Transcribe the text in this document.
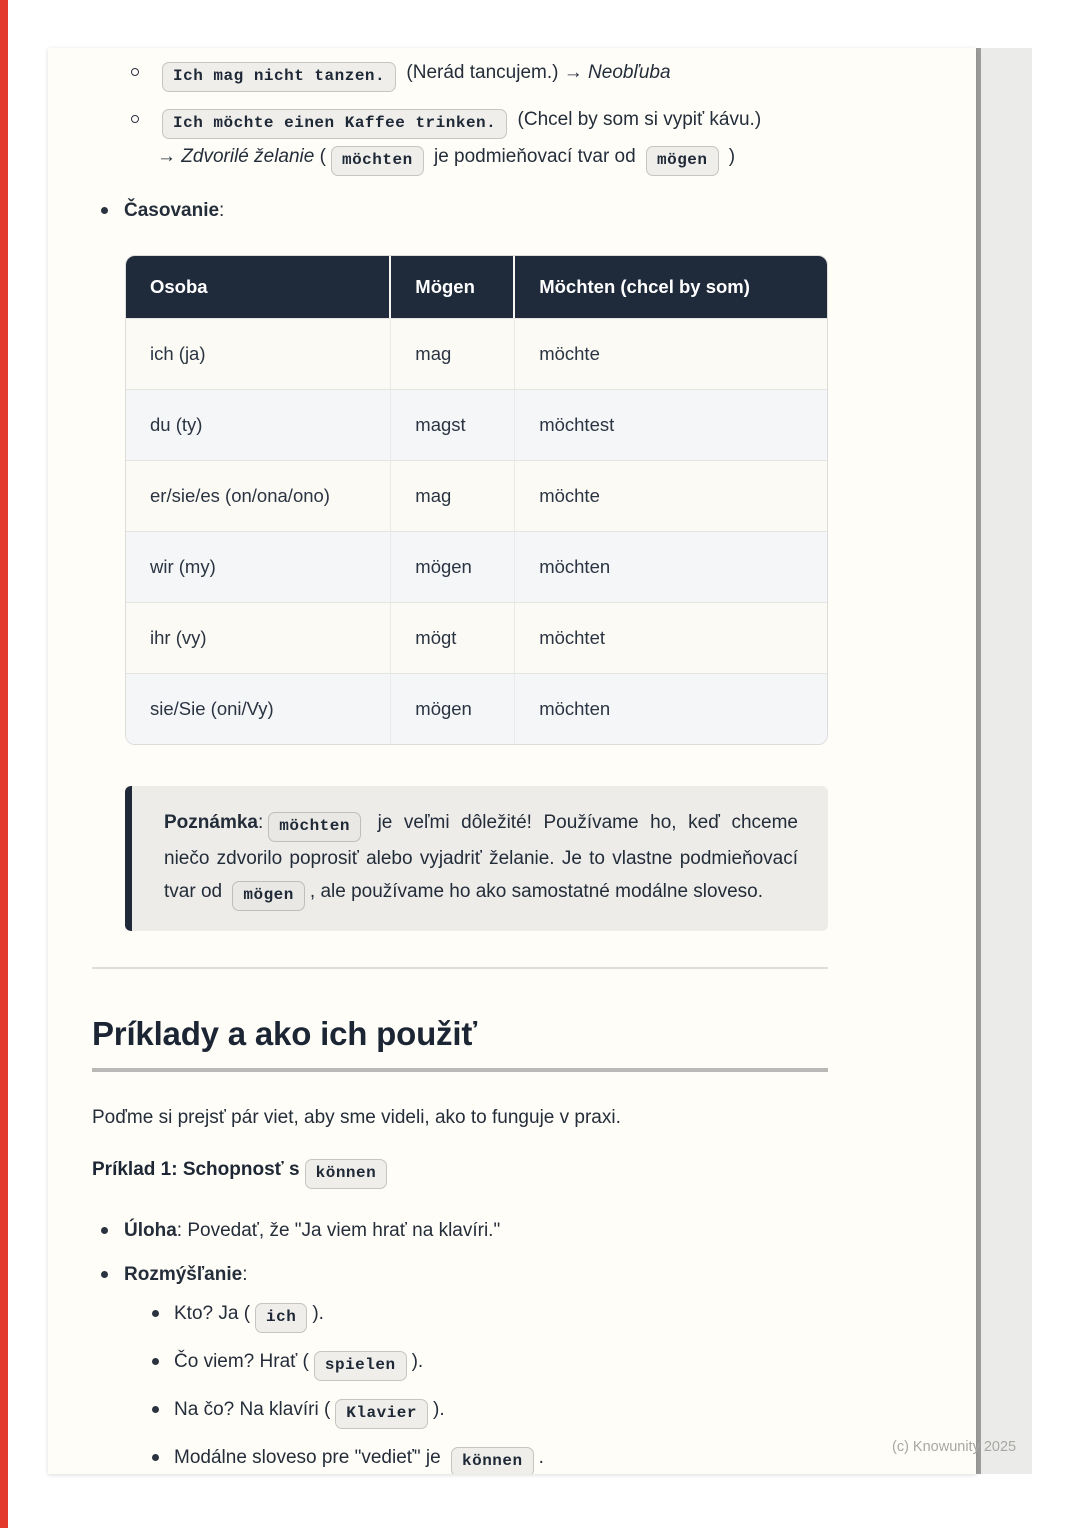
Ich mag nicht tanzen. (Nerád tancujem.) → Neobľuba
Ich möchte einen Kaffee trinken. (Chcel by som si vypiť kávu.)
→ Zdvorilé želanie ( möchten je podmieňovací tvar od mögen )
Časovanie:
Osoba	Mögen	Möchten (chcel by som)
ich (ja)	mag	möchte
du (ty)	magst	möchtest
er/sie/es (on/ona/ono)	mag	möchte
wir (my)	mögen	möchten
ihr (vy)	mögt	möchtet
sie/Sie (oni/Vy)	mögen	möchten
Poznámka: möchten je veľmi dôležité! Používame ho, keď chceme niečo zdvorilo poprosiť alebo vyjadriť želanie. Je to vlastne podmieňovací tvar od mögen , ale používame ho ako samostatné modálne sloveso.
Príklady a ako ich použiť

Poďme si prejsť pár viet, aby sme videli, ako to funguje v praxi.

Príklad 1: Schopnosť s können

Úloha: Povedať, že "Ja viem hrať na klavíri."
Rozmýšľanie:
Kto? Ja ( ich ).
Čo viem? Hrať ( spielen ).
Na čo? Na klavíri ( Klavier ).
Modálne sloveso pre "vedieť" je können .	(c) Knowunity 2025
